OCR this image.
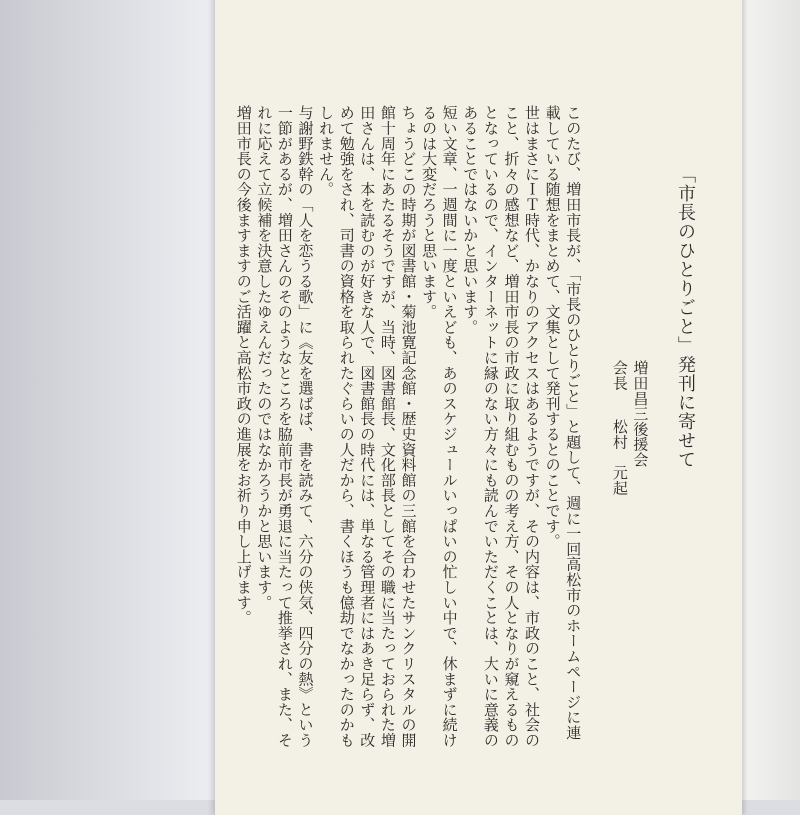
「市長のひとりごと」発刊に寄せて

増田昌三後援会

会長 松村　元起

このたび、増田市長が、「市長のひとりごと」と題して、週に一回高松市のホームページに連載している随想をまとめて、文集として発刊するとのことです。

世はまさにＩＴ時代、かなりのアクセスはあるようですが、その内容は、市政のこと、社会のこと、折々の感想など、増田市長の市政に取り組むものの考え方、その人となりが窺えるものとなっているので、インターネットに縁のない方々にも読んでいただくことは、大いに意義のあることではないかと思います。

短い文章、一週間に一度といえども、あのスケジュールいっぱいの忙しい中で、休まずに続けるのは大変だろうと思います。

ちょうどこの時期が図書館・菊池寛記念館・歴史資料館の三館を合わせたサンクリスタルの開館十周年にあたるそうですが、当時、図書館長、文化部長としてその職に当たっておられた増田さんは、本を読むのが好きな人で、図書館長の時代には、単なる管理者にはあき足らず、改めて勉強をされ、司書の資格を取られたぐらいの人だから、書くほうも億劫でなかったのかもしれません。

与謝野鉄幹の「人を恋うる歌」に《友を選ばば、書を読みて、六分の侠気、四分の熱》という一節があるが、増田さんのそのようなところを脇前市長が勇退に当たって推挙され、また、それに応えて立候補を決意したゆえんだったのではなかろうかと思います。

増田市長の今後ますますのご活躍と高松市政の進展をお祈り申し上げます。
